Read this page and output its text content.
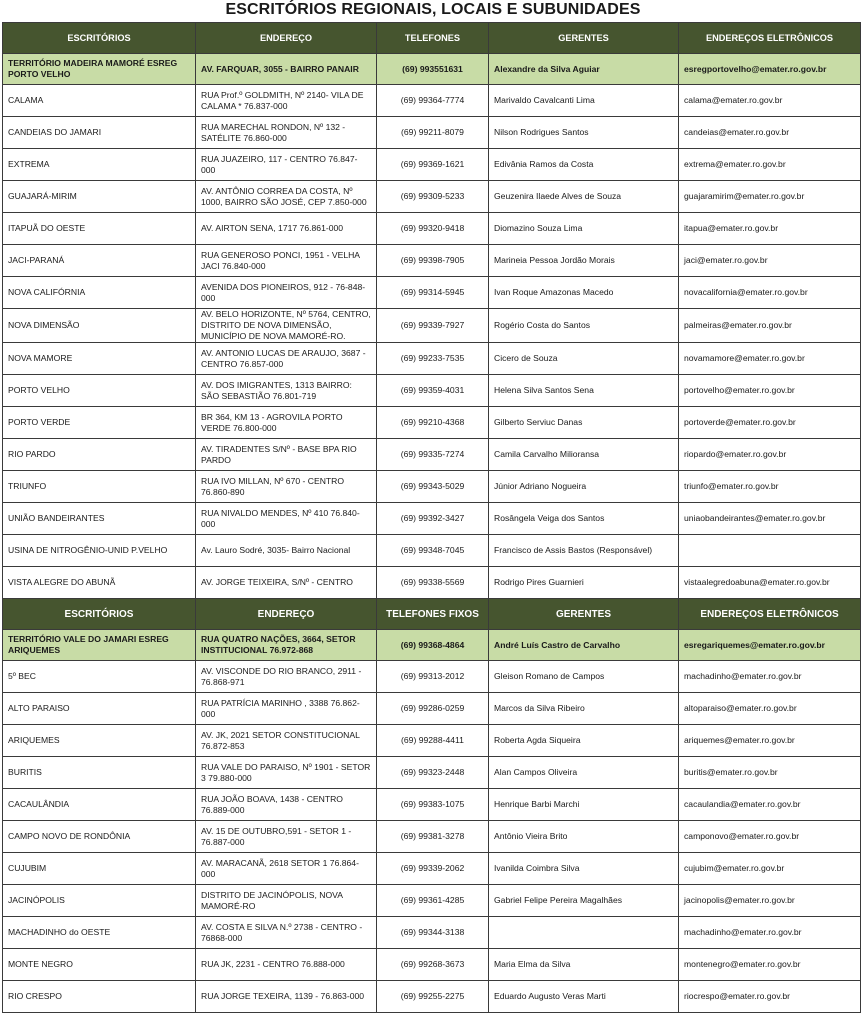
ESCRITÓRIOS REGIONAIS, LOCAIS E SUBUNIDADES
ESCRITÓRIOS	ENDEREÇO	TELEFONES	GERENTES	ENDEREÇOS ELETRÔNICOS
TERRITÓRIO MADEIRA MAMORÉ ESREG PORTO VELHO	AV. FARQUAR, 3055 - BAIRRO PANAIR	(69) 993551631	Alexandre da Silva Aguiar	esregportovelho@emater.ro.gov.br
CALAMA	RUA Prof.º GOLDMITH, Nº 2140- VILA DE CALAMA * 76.837-000	(69) 99364-7774	Marivaldo Cavalcanti Lima	calama@emater.ro.gov.br
CANDEIAS DO JAMARI	RUA MARECHAL RONDON, Nº 132 - SATÉLITE 76.860-000	(69) 99211-8079	Nilson Rodrigues Santos	candeias@emater.ro.gov.br
EXTREMA	RUA JUAZEIRO, 117 - CENTRO 76.847-000	(69) 99369-1621	Edivânia Ramos da Costa	extrema@emater.ro.gov.br
GUAJARÁ-MIRIM	AV. ANTÔNIO CORREA DA COSTA, Nº 1000, BAIRRO SÃO JOSÉ, CEP 7.850-000	(69) 99309-5233	Geuzenira Ilaede Alves de Souza	guajaramirim@emater.ro.gov.br
ITAPUÃ DO OESTE	AV. AIRTON SENA, 1717 76.861-000	(69) 99320-9418	Diomazino Souza Lima	itapua@emater.ro.gov.br
JACI-PARANÁ	RUA GENEROSO PONCI, 1951 - VELHA JACI 76.840-000	(69) 99398-7905	Marineia Pessoa Jordão Morais	jaci@emater.ro.gov.br
NOVA CALIFÓRNIA	AVENIDA DOS PIONEIROS, 912 - 76-848-000	(69) 99314-5945	Ivan Roque Amazonas Macedo	novacalifornia@emater.ro.gov.br
NOVA DIMENSÃO	AV. BELO HORIZONTE, Nº 5764, CENTRO, DISTRITO DE NOVA DIMENSÃO, MUNICÍPIO DE NOVA MAMORÉ-RO.	(69) 99339-7927	Rogério Costa do Santos	palmeiras@emater.ro.gov.br
NOVA MAMORE	AV. ANTONIO LUCAS DE ARAUJO, 3687 - CENTRO 76.857-000	(69) 99233-7535	Cicero de Souza	novamamore@emater.ro.gov.br
PORTO VELHO	AV. DOS IMIGRANTES, 1313 BAIRRO: SÃO SEBASTIÃO 76.801-719	(69) 99359-4031	Helena Silva Santos Sena	portovelho@emater.ro.gov.br
PORTO VERDE	BR 364, KM 13 - AGROVILA PORTO VERDE 76.800-000	(69) 99210-4368	Gilberto Serviuc Danas	portoverde@emater.ro.gov.br
RIO PARDO	AV. TIRADENTES S/Nº - BASE BPA RIO PARDO	(69) 99335-7274	Camila Carvalho Milioransa	riopardo@emater.ro.gov.br
TRIUNFO	RUA IVO MILLAN, Nº 670 - CENTRO 76.860-890	(69) 99343-5029	Júnior Adriano Nogueira	triunfo@emater.ro.gov.br
UNIÃO BANDEIRANTES	RUA NIVALDO MENDES, Nº 410 76.840-000	(69) 99392-3427	Rosângela Veiga dos Santos	uniaobandeirantes@emater.ro.gov.br
USINA DE NITROGÊNIO-UNID P.VELHO	Av. Lauro Sodré, 3035- Bairro Nacional	(69) 99348-7045	Francisco de Assis Bastos (Responsável)	
VISTA ALEGRE DO ABUNÃ	AV. JORGE TEIXEIRA, S/Nº - CENTRO	(69) 99338-5569	Rodrigo Pires Guarnieri	vistaalegredoabuna@emater.ro.gov.br
ESCRITÓRIOS	ENDEREÇO	TELEFONES FIXOS	GERENTES	ENDEREÇOS ELETRÔNICOS
TERRITÓRIO VALE DO JAMARI ESREG ARIQUEMES	RUA QUATRO NAÇÕES, 3664, SETOR INSTITUCIONAL 76.972-868	(69) 99368-4864	André Luís Castro de Carvalho	esregariquemes@emater.ro.gov.br
5º BEC	AV. VISCONDE DO RIO BRANCO, 2911 - 76.868-971	(69) 99313-2012	Gleison Romano de Campos	machadinho@emater.ro.gov.br
ALTO PARAISO	RUA PATRÍCIA MARINHO , 3388 76.862-000	(69) 99286-0259	Marcos da Silva Ribeiro	altoparaiso@emater.ro.gov.br
ARIQUEMES	AV. JK, 2021 SETOR CONSTITUCIONAL 76.872-853	(69) 99288-4411	Roberta Agda Siqueira	ariquemes@emater.ro.gov.br
BURITIS	RUA VALE DO PARAISO, Nº 1901 - SETOR 3 79.880-000	(69) 99323-2448	Alan Campos Oliveira	buritis@emater.ro.gov.br
CACAULÂNDIA	RUA JOÃO BOAVA, 1438 - CENTRO 76.889-000	(69) 99383-1075	Henrique Barbi Marchi	cacaulandia@emater.ro.gov.br
CAMPO NOVO DE RONDÔNIA	AV. 15 DE OUTUBRO,591 - SETOR 1 - 76.887-000	(69) 99381-3278	Antônio Vieira Brito	camponovo@emater.ro.gov.br
CUJUBIM	AV. MARACANÃ, 2618 SETOR 1 76.864-000	(69) 99339-2062	Ivanilda Coimbra Silva	cujubim@emater.ro.gov.br
JACINÓPOLIS	DISTRITO DE JACINÓPOLIS, NOVA MAMORÉ-RO	(69) 99361-4285	Gabriel Felipe Pereira Magalhães	jacinopolis@emater.ro.gov.br
MACHADINHO do OESTE	AV. COSTA E SILVA N.º 2738 - CENTRO - 76868-000	(69) 99344-3138		machadinho@emater.ro.gov.br
MONTE NEGRO	RUA JK, 2231 - CENTRO 76.888-000	(69) 99268-3673	Maria Elma da Silva	montenegro@emater.ro.gov.br
RIO CRESPO	RUA JORGE TEXEIRA, 1139 - 76.863-000	(69) 99255-2275	Eduardo Augusto Veras Marti	riocrespo@emater.ro.gov.br
